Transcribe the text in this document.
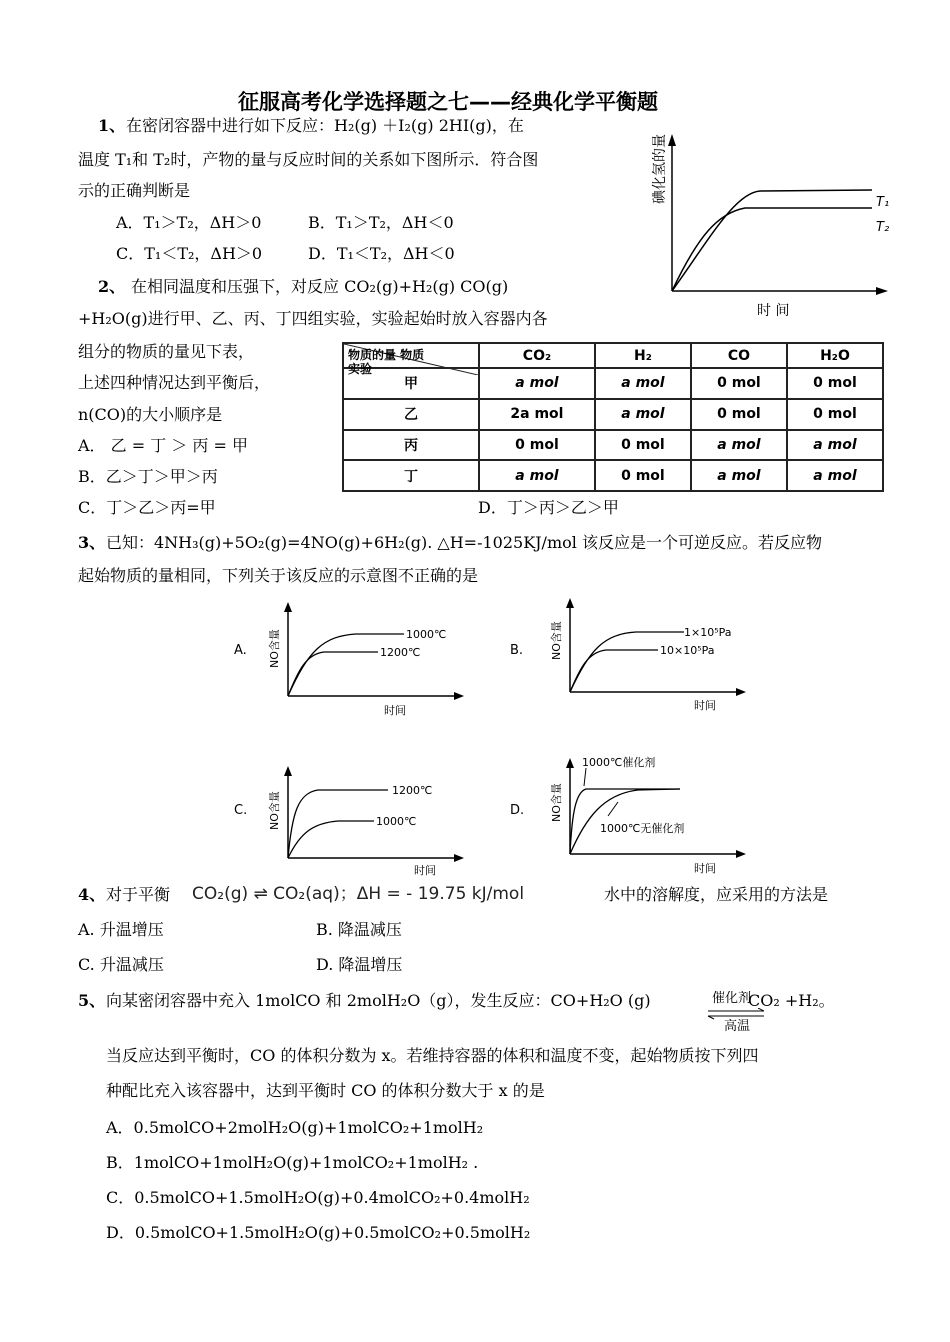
征服高考化学选择题之七——经典化学平衡题
1、 在密闭容器中进行如下反应：H₂(g) ＋I₂(g) 2HI(g)，在
温度 T₁和 T₂时，产物的量与反应时间的关系如下图所示．符合图
示的正确判断是
A．T₁＞T₂，ΔH＞0	B．T₁＞T₂，ΔH＜0
C．T₁＜T₂，ΔH＞0	D．T₁＜T₂，ΔH＜0
碘化氢的量
时 间
T₁
T₂
2、 在相同温度和压强下，对反应 CO₂(g)+H₂(g) CO(g)
+H₂O(g)进行甲、乙、丙、丁四组实验，实验起始时放入容器内各
组分的物质的量见下表，
上述四种情况达到平衡后，
n(CO)的大小顺序是
A． 乙 = 丁 ＞ 丙 = 甲
B．乙＞丁＞甲＞丙
C．丁＞乙＞丙=甲	D．丁＞丙＞乙＞甲
物质的量 物质
实验	CO₂	H₂	CO	H₂O
甲	a mol	a mol	0 mol	0 mol
乙	2a mol	a mol	0 mol	0 mol
丙	0 mol	0 mol	a mol	a mol
丁	a mol	0 mol	a mol	a mol
3、 已知：4NH₃(g)+5O₂(g)=4NO(g)+6H₂(g). △H=-1025KJ/mol 该反应是一个可逆反应。若反应物
起始物质的量相同，下列关于该反应的示意图不正确的是
A. NO含量
时间
1000℃
1200℃	B. NO含量
时间
1×10⁵Pa
10×10⁵Pa
C. NO含量
时间
1200℃
1000℃
D. NO含量
时间
1000℃催化剂
1000℃无催化剂
4、 对于平衡 CO₂(g) ⇌ CO₂(aq)；ΔH = - 19.75 kJ/mol	水中的溶解度，应采用的方法是
A. 升温增压	B. 降温减压
C. 升温减压	D. 降温增压
5、 向某密闭容器中充入 1molCO 和 2molH₂O（g），发生反应：CO+H₂O (g)	催化剂
CO₂ +H₂。
高温
当反应达到平衡时，CO 的体积分数为 x。若维持容器的体积和温度不变，起始物质按下列四
种配比充入该容器中，达到平衡时 CO 的体积分数大于 x 的是
A．0.5molCO+2molH₂O(g)+1molCO₂+1molH₂
B．1molCO+1molH₂O(g)+1molCO₂+1molH₂ .
C．0.5molCO+1.5molH₂O(g)+0.4molCO₂+0.4molH₂
D．0.5molCO+1.5molH₂O(g)+0.5molCO₂+0.5molH₂
